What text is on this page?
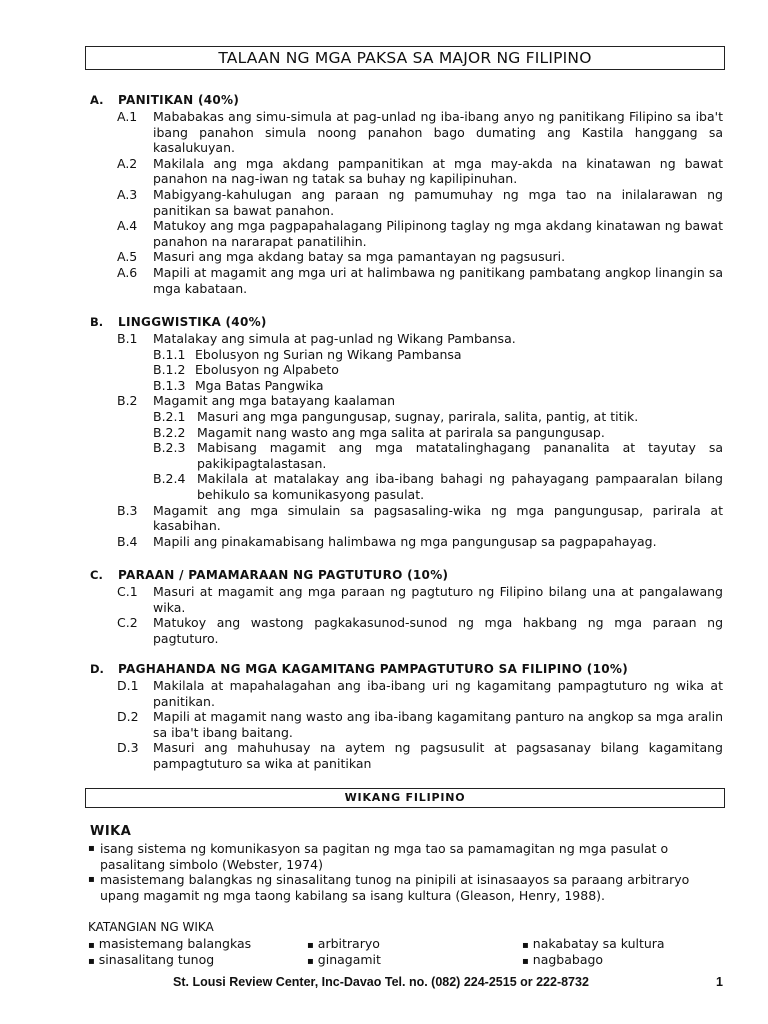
TALAAN NG MGA PAKSA SA MAJOR NG FILIPINO
A. PANITIKAN (40%)
A.1 Mababakas ang simu-simula at pag-unlad ng iba-ibang anyo ng panitikang Filipino sa iba't ibang panahon simula noong panahon bago dumating ang Kastila hanggang sa kasalukuyan.
A.2 Makilala ang mga akdang pampanitikan at mga may-akda na kinatawan ng bawat panahon na nag-iwan ng tatak sa buhay ng kapilipinuhan.
A.3 Mabigyang-kahulugan ang paraan ng pamumuhay ng mga tao na inilalarawan ng panitikan sa bawat panahon.
A.4 Matukoy ang mga pagpapahalagang Pilipinong taglay ng mga akdang kinatawan ng bawat panahon na nararapat panatilihin.
A.5 Masuri ang mga akdang batay sa mga pamantayan ng pagsusuri.
A.6 Mapili at magamit ang mga uri at halimbawa ng panitikang pambatang angkop linangin sa mga kabataan.
B. LINGGWISTIKA (40%)
B.1 Matalakay ang simula at pag-unlad ng Wikang Pambansa.
B.1.1 Ebolusyon ng Surian ng Wikang Pambansa
B.1.2 Ebolusyon ng Alpabeto
B.1.3 Mga Batas Pangwika
B.2 Magamit ang mga batayang kaalaman
B.2.1 Masuri ang mga pangungusap, sugnay, parirala, salita, pantig, at titik.
B.2.2 Magamit nang wasto ang mga salita at parirala sa pangungusap.
B.2.3 Mabisang magamit ang mga matatalinghagang pananalita at tayutay sa pakikipagtalastasan.
B.2.4 Makilala at matalakay ang iba-ibang bahagi ng pahayagang pampaaralan bilang behikulo sa komunikasyong pasulat.
B.3 Magamit ang mga simulain sa pagsasaling-wika ng mga pangungusap, parirala at kasabihan.
B.4 Mapili ang pinakamabisang halimbawa ng mga pangungusap sa pagpapahayag.
C. PARAAN / PAMAMARAAN NG PAGTUTURO (10%)
C.1 Masuri at magamit ang mga paraan ng pagtuturo ng Filipino bilang una at pangalawang wika.
C.2 Matukoy ang wastong pagkakasunod-sunod ng mga hakbang ng mga paraan ng pagtuturo.
D. PAGHAHANDA NG MGA KAGAMITANG PAMPAGTUTURO SA FILIPINO (10%)
D.1 Makilala at mapahalagahan ang iba-ibang uri ng kagamitang pampagtuturo ng wika at panitikan.
D.2 Mapili at magamit nang wasto ang iba-ibang kagamitang panturo na angkop sa mga aralin sa iba't ibang baitang.
D.3 Masuri ang mahuhusay na aytem ng pagsusulit at pagsasanay bilang kagamitang pampagtuturo sa wika at panitikan
WIKANG FILIPINO
WIKA
▪ isang sistema ng komunikasyon sa pagitan ng mga tao sa pamamagitan ng mga pasulat o pasalitang simbolo (Webster, 1974)
▪ masistemang balangkas ng sinasalitang tunog na pinipili at isinasaayos sa paraang arbitraryo upang magamit ng mga taong kabilang sa isang kultura (Gleason, Henry, 1988).
KATANGIAN NG WIKA
▪ masistemang balangkas
▪ sinasalitang tunog
▪ arbitraryo
▪ ginagamit
▪ nakabatay sa kultura
▪ nagbabago
St. Lousi Review Center, Inc-Davao Tel. no. (082) 224-2515 or 222-8732	1
